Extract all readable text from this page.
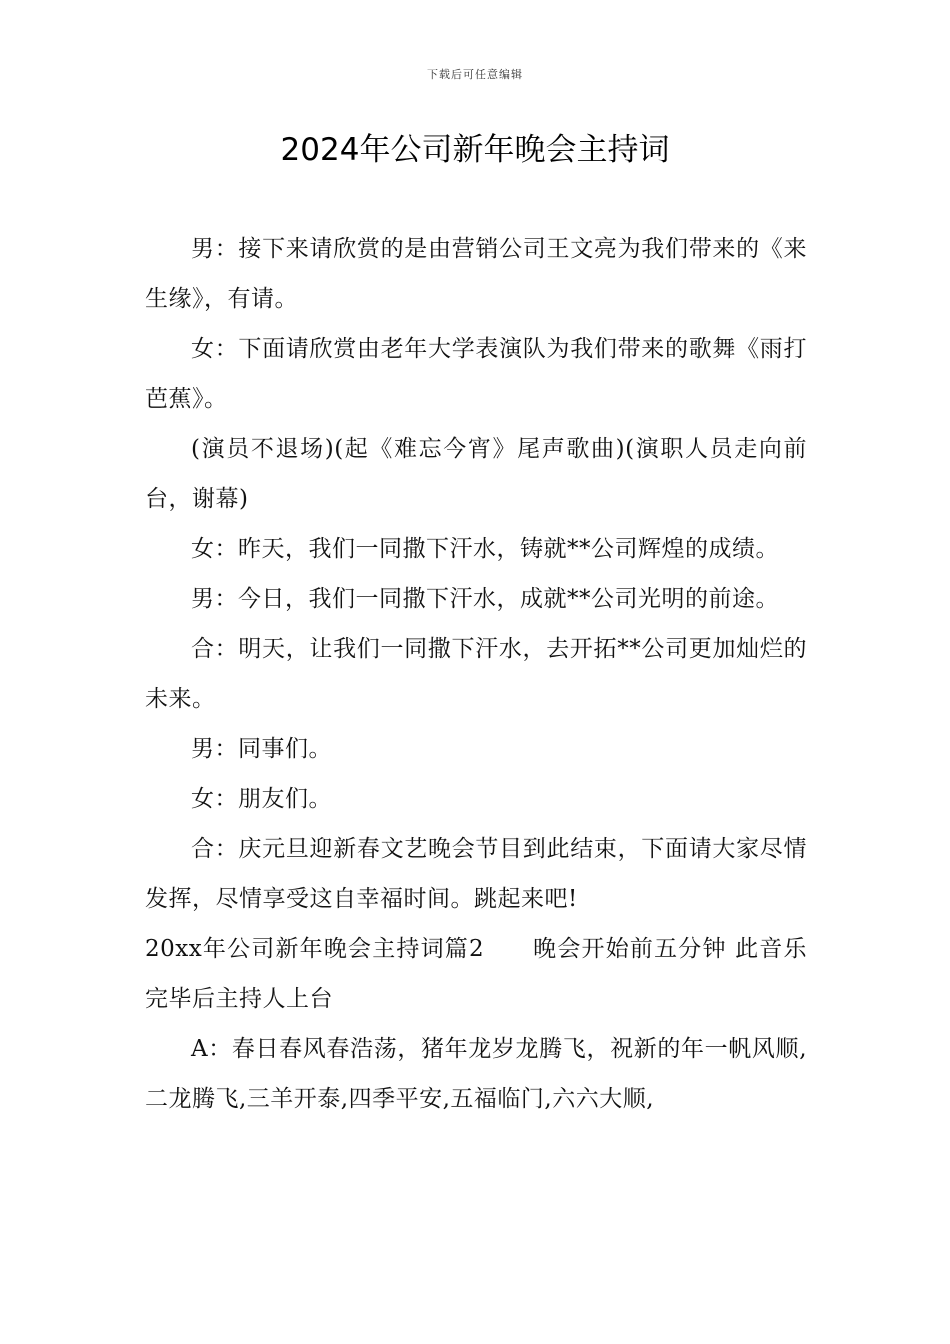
下载后可任意编辑
2024年公司新年晚会主持词

男：接下来请欣赏的是由营销公司王文亮为我们带来的《来生缘》，有请。

女：下面请欣赏由老年大学表演队为我们带来的歌舞《雨打芭蕉》。

(演员不退场)(起《难忘今宵》尾声歌曲)(演职人员走向前台，谢幕)

女：昨天，我们一同撒下汗水，铸就**公司辉煌的成绩。

男：今日，我们一同撒下汗水，成就**公司光明的前途。

合：明天，让我们一同撒下汗水，去开拓**公司更加灿烂的未来。

男：同事们。

女：朋友们。

合：庆元旦迎新春文艺晚会节目到此结束，下面请大家尽情发挥，尽情享受这自幸福时间。跳起来吧!

20xx年公司新年晚会主持词篇2　　晚会开始前五分钟 此音乐完毕后主持人上台

A：春日春风春浩荡，猪年龙岁龙腾飞，祝新的年一帆风顺,二龙腾飞,三羊开泰,四季平安,五福临门,六六大顺,
